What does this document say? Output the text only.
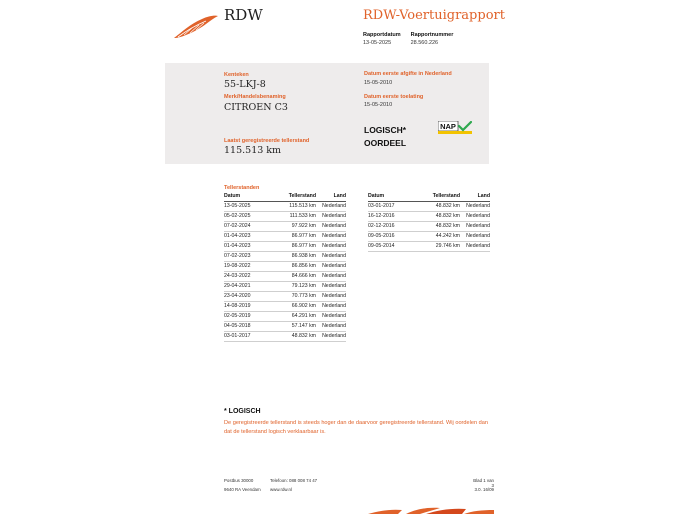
RDW	RDW-Voertuigrapport
Rapportdatum
13-05-2025
Rapportnummer
28.560.226
Kenteken
55-LKJ-8
Merk/Handelsbenaming
CITROEN C3
Laatst geregistreerde tellerstand
115.513 km
Datum eerste afgifte in Nederland
15-05-2010
Datum eerste toelating
15-05-2010
LOGISCH*
OORDEEL
NAP
Tellerstanden
Datum	Tellerstand	Land
13-05-2025	115.513 km	Nederland
05-02-2025	111.533 km	Nederland
07-02-2024	97.922 km	Nederland
01-04-2023	86.977 km	Nederland
01-04-2023	86.977 km	Nederland
07-02-2023	86.938 km	Nederland
19-08-2022	86.856 km	Nederland
24-03-2022	84.666 km	Nederland
29-04-2021	79.123 km	Nederland
23-04-2020	70.773 km	Nederland
14-08-2019	66.902 km	Nederland
02-05-2019	64.291 km	Nederland
04-05-2018	57.147 km	Nederland
03-01-2017	48.832 km	Nederland
Datum	Tellerstand	Land
03-01-2017	48.832 km	Nederland
16-12-2016	48.832 km	Nederland
02-12-2016	48.832 km	Nederland
09-05-2016	44.242 km	Nederland
09-05-2014	29.746 km	Nederland
* LOGISCH
De geregistreerde tellerstand is steeds hoger dan de daarvoor geregistreerde tellerstand. Wij oordelen dan dat de tellerstand logisch verklaarbaar is.
Postbus 30000
9640 RA Veendam
Telefoon: 088 008 74 47
www.rdw.nl
Blad 1 van 3
3.0. 16/09
